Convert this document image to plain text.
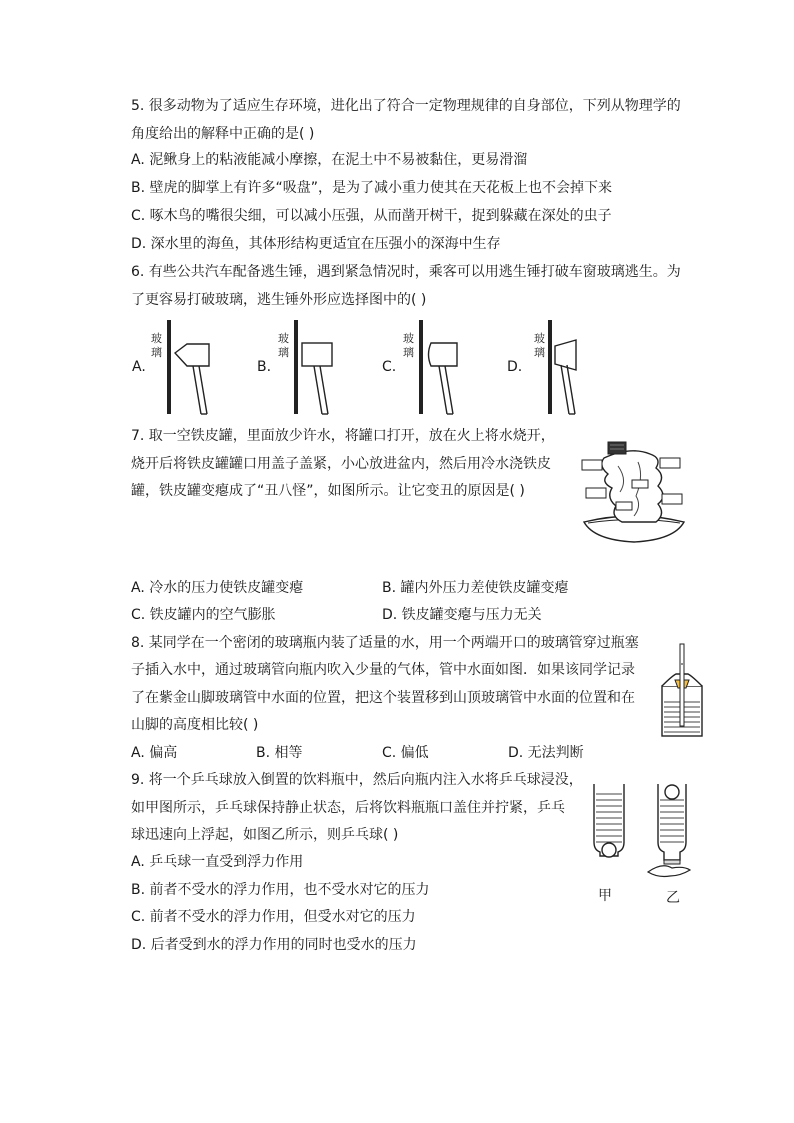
5. 很多动物为了适应生存环境，进化出了符合一定物理规律的自身部位，下列从物理学的
角度给出的解释中正确的是( )
A. 泥鳅身上的粘液能减小摩擦，在泥土中不易被黏住，更易滑溜
B. 壁虎的脚掌上有许多“吸盘”，是为了减小重力使其在天花板上也不会掉下来
C. 啄木鸟的嘴很尖细，可以减小压强，从而凿开树干，捉到躲藏在深处的虫子
D. 深水里的海鱼，其体形结构更适宜在压强小的深海中生存
6. 有些公共汽车配备逃生锤，遇到紧急情况时，乘客可以用逃生锤打破车窗玻璃逃生。为
了更容易打破玻璃，逃生锤外形应选择图中的( )
A.
玻
璃
B.
玻
璃
C.
玻
璃
D.
玻
璃
7. 取一空铁皮罐，里面放少许水，将罐口打开，放在火上将水烧开，
烧开后将铁皮罐罐口用盖子盖紧，小心放进盆内，然后用冷水浇铁皮
罐，铁皮罐变瘪成了“丑八怪”，如图所示。让它变丑的原因是( )
A. 冷水的压力使铁皮罐变瘪	B. 罐内外压力差使铁皮罐变瘪
C. 铁皮罐内的空气膨胀	D. 铁皮罐变瘪与压力无关
8. 某同学在一个密闭的玻璃瓶内装了适量的水，用一个两端开口的玻璃管穿过瓶塞
子插入水中，通过玻璃管向瓶内吹入少量的气体，管中水面如图．如果该同学记录
了在紫金山脚玻璃管中水面的位置，把这个装置移到山顶玻璃管中水面的位置和在
山脚的高度相比较( )
A. 偏高	B. 相等	C. 偏低	D. 无法判断
9. 将一个乒乓球放入倒置的饮料瓶中，然后向瓶内注入水将乒乓球浸没，
如甲图所示，乒乓球保持静止状态，后将饮料瓶瓶口盖住并拧紧，乒乓
球迅速向上浮起，如图乙所示，则乒乓球( )
A. 乒乓球一直受到浮力作用
B. 前者不受水的浮力作用，也不受水对它的压力
C. 前者不受水的浮力作用，但受水对它的压力
D. 后者受到水的浮力作用的同时也受水的压力
甲	乙
